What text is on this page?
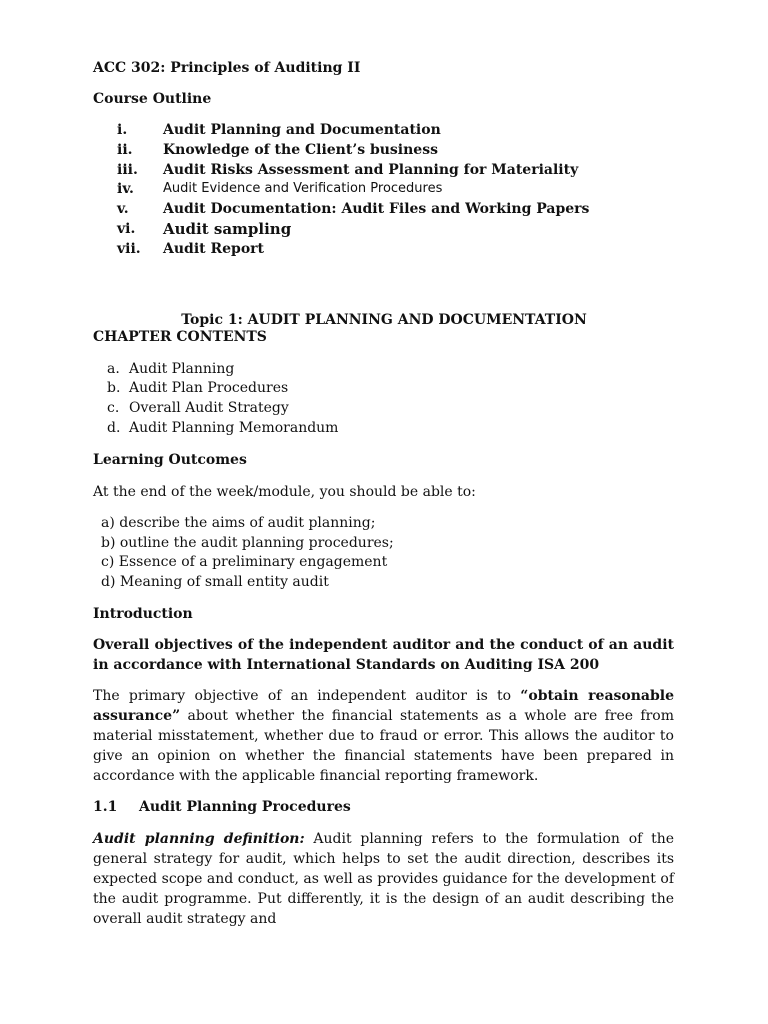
ACC 302: Principles of Auditing II

Course Outline

i.	Audit Planning and Documentation

ii. Knowledge of the Client’s business

iii. Audit Risks Assessment and Planning for Materiality

iv. Audit Evidence and Verification Procedures

v. Audit Documentation: Audit Files and Working Papers

vi. Audit sampling

vii. Audit Report

Topic 1: AUDIT PLANNING AND DOCUMENTATION

CHAPTER CONTENTS

a. Audit Planning

b. Audit Plan Procedures

c. Overall Audit Strategy

d. Audit Planning Memorandum

Learning Outcomes

At the end of the week/module, you should be able to:

a) describe the aims of audit planning;

b) outline the audit planning procedures;

c) Essence of a preliminary engagement

d) Meaning of small entity audit

Introduction

Overall objectives of the independent auditor and the conduct of an audit in accordance with International Standards on Auditing ISA 200

The primary objective of an independent auditor is to “obtain reasonable assurance” about whether the financial statements as a whole are free from material misstatement, whether due to fraud or error. This allows the auditor to give an opinion on whether the financial statements have been prepared in accordance with the applicable financial reporting framework.

1.1 Audit Planning Procedures

Audit planning definition: Audit planning refers to the formulation of the general strategy for audit, which helps to set the audit direction, describes its expected scope and conduct, as well as provides guidance for the development of the audit programme. Put differently, it is the design of an audit describing the overall audit strategy and
